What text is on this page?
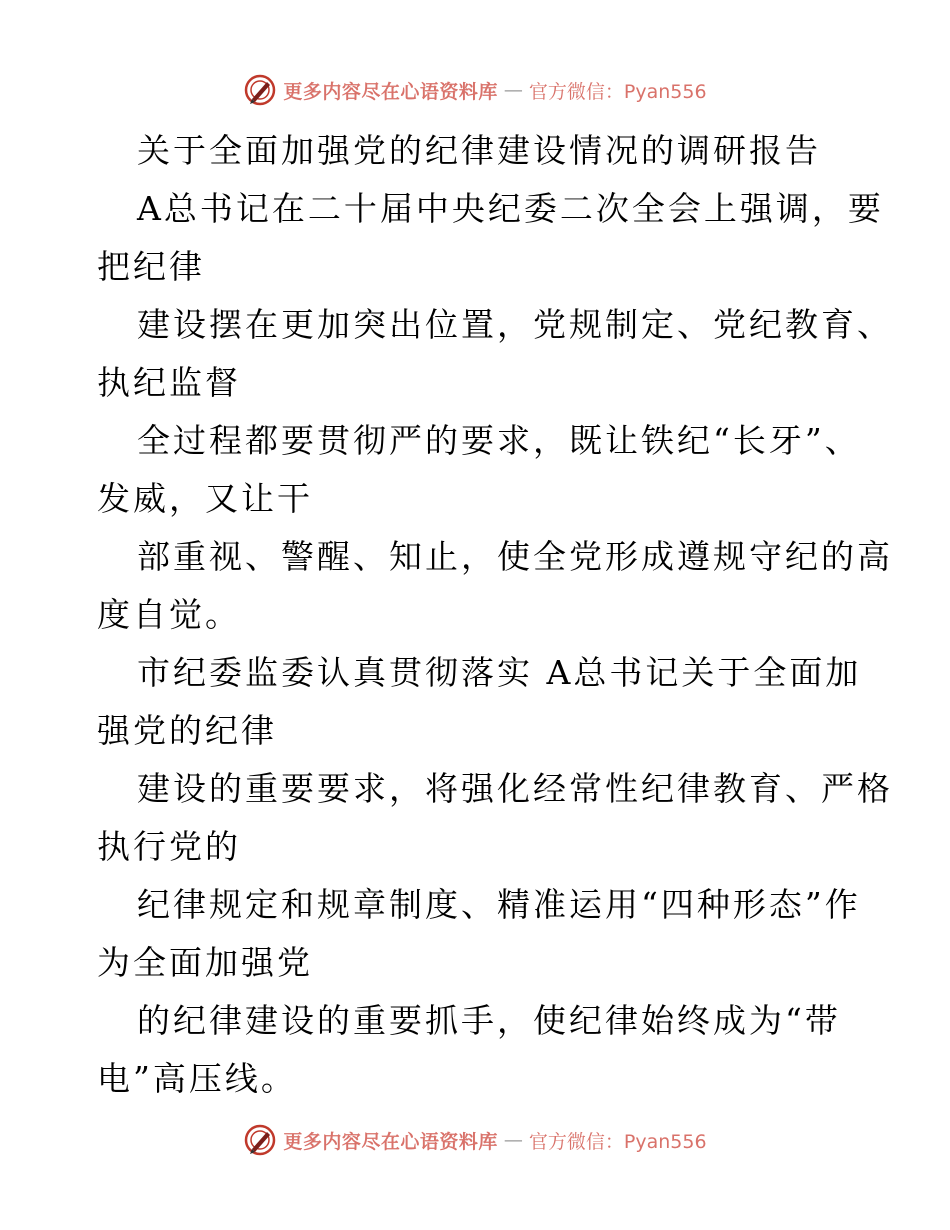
更多内容尽在心语资料库 — 官方微信：Pyan556
关于全面加强党的纪律建设情况的调研报告
A总书记在二十届中央纪委二次全会上强调，要
把纪律
建设摆在更加突出位置，党规制定、党纪教育、
执纪监督
全过程都要贯彻严的要求，既让铁纪“长牙”、
发威，又让干
部重视、警醒、知止，使全党形成遵规守纪的高
度自觉。
市纪委监委认真贯彻落实 A总书记关于全面加
强党的纪律
建设的重要要求，将强化经常性纪律教育、严格
执行党的
纪律规定和规章制度、精准运用“四种形态”作
为全面加强党
的纪律建设的重要抓手，使纪律始终成为“带
电”高压线。
更多内容尽在心语资料库 — 官方微信：Pyan556
